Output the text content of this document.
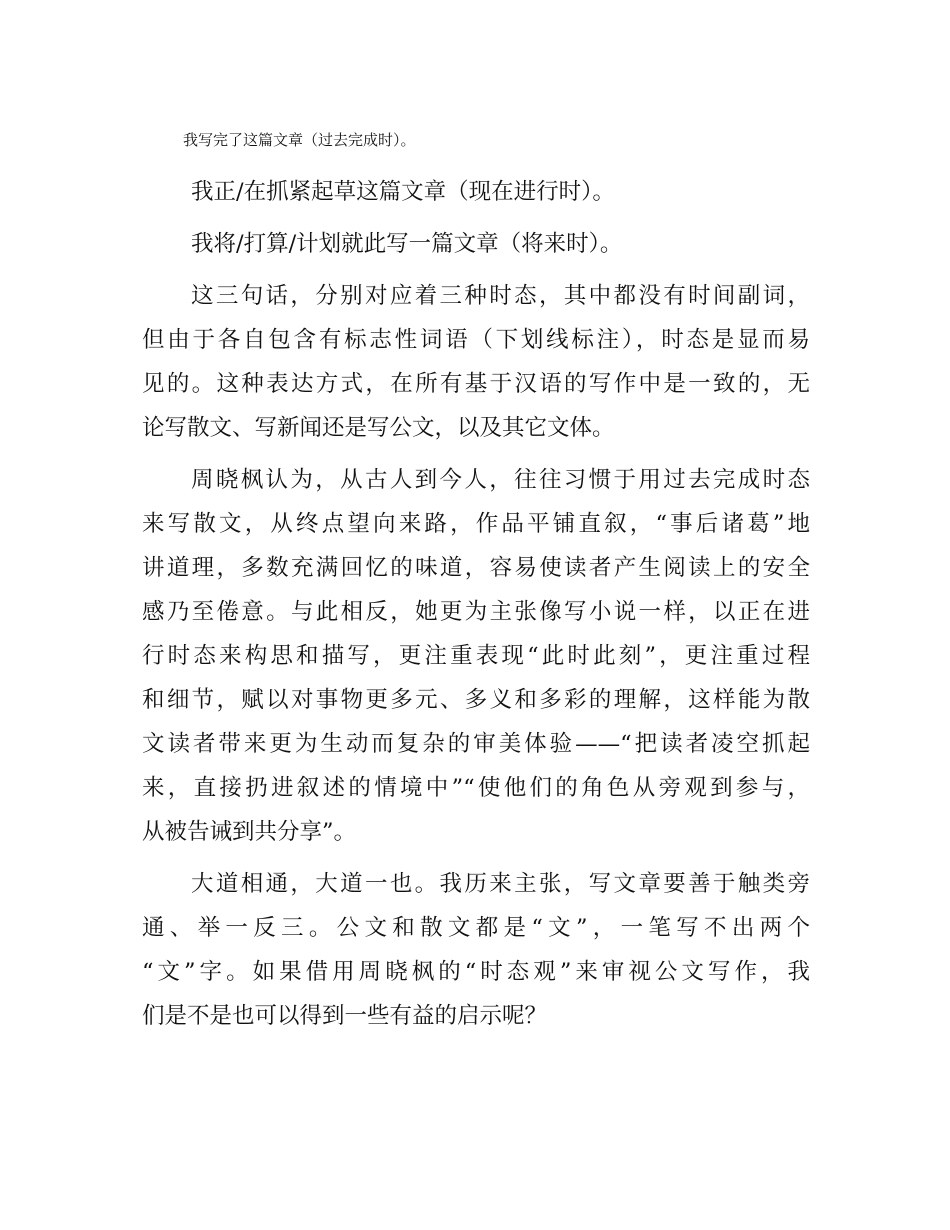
我写完了这篇文章（过去完成时）。
我正/在抓紧起草这篇文章（现在进行时）。
我将/打算/计划就此写一篇文章（将来时）。
这三句话，分别对应着三种时态，其中都没有时间副词，
但由于各自包含有标志性词语（下划线标注），时态是显而易
见的。这种表达方式，在所有基于汉语的写作中是一致的，无
论写散文、写新闻还是写公文，以及其它文体。
周晓枫认为，从古人到今人，往往习惯于用过去完成时态
来写散文，从终点望向来路，作品平铺直叙，“事后诸葛”地
讲道理，多数充满回忆的味道，容易使读者产生阅读上的安全
感乃至倦意。与此相反，她更为主张像写小说一样，以正在进
行时态来构思和描写，更注重表现“此时此刻”，更注重过程
和细节，赋以对事物更多元、多义和多彩的理解，这样能为散
文读者带来更为生动而复杂的审美体验——“把读者凌空抓起
来，直接扔进叙述的情境中”“使他们的角色从旁观到参与，
从被告诫到共分享”。
大道相通，大道一也。我历来主张，写文章要善于触类旁
通、举一反三。公文和散文都是“文”，一笔写不出两个
“文”字。如果借用周晓枫的“时态观”来审视公文写作，我
们是不是也可以得到一些有益的启示呢？
